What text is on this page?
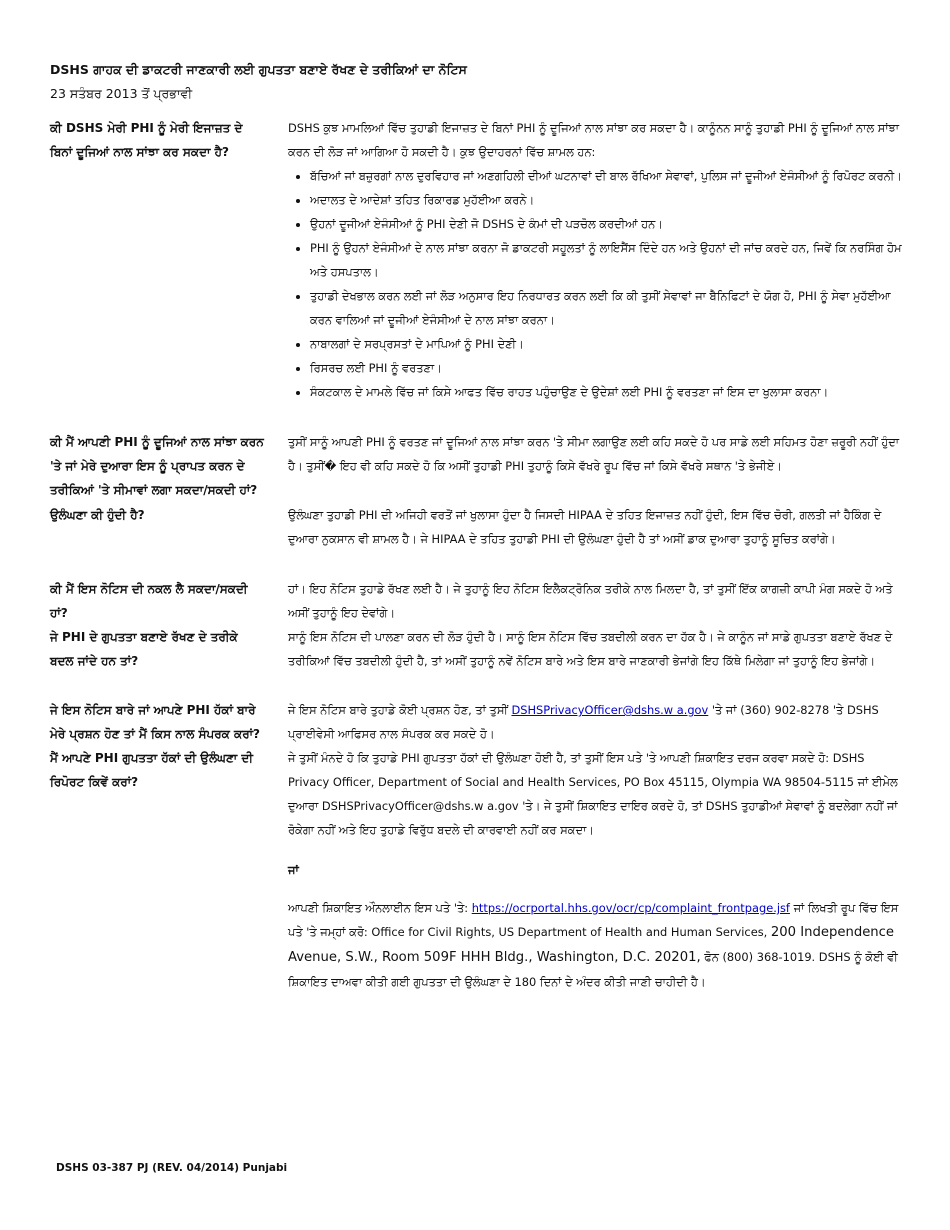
DSHS ਗਾਹਕ ਦੀ ਡਾਕਟਰੀ ਜਾਣਕਾਰੀ ਲਈ ਗੁਪਤਤਾ ਬਣਾਏ ਰੱਖਣ ਦੇ ਤਰੀਕਿਆਂ ਦਾ ਨੋਟਿਸ
23 ਸਤੰਬਰ 2013 ਤੋਂ ਪ੍ਰਭਾਵੀ
ਕੀ DSHS ਮੇਰੀ PHI ਨੂੰ ਮੇਰੀ ਇਜਾਜ਼ਤ ਦੇ ਬਿਨਾਂ ਦੂਜਿਆਂ ਨਾਲ ਸਾਂਝਾ ਕਰ ਸਕਦਾ ਹੈ?

DSHS ਕੁਝ ਮਾਮਲਿਆਂ ਵਿੱਚ ਤੁਹਾਡੀ ਇਜਾਜ਼ਤ ਦੇ ਬਿਨਾਂ PHI ਨੂੰ ਦੂਜਿਆਂ ਨਾਲ ਸਾਂਝਾ ਕਰ ਸਕਦਾ ਹੈ। ਕਾਨੂੰਨਨ ਸਾਨੂੰ ਤੁਹਾਡੀ PHI ਨੂੰ ਦੂਜਿਆਂ ਨਾਲ ਸਾਂਝਾ ਕਰਨ ਦੀ ਲੋੜ ਜਾਂ ਆਗਿਆ ਹੋ ਸਕਦੀ ਹੈ। ਕੁਝ ਉਦਾਹਰਨਾਂ ਵਿੱਚ ਸ਼ਾਮਲ ਹਨ:

• ਬੱਚਿਆਂ ਜਾਂ ਬਜ਼ੁਰਗਾਂ ਨਾਲ ਦੁਰਵਿਹਾਰ ਜਾਂ ਅਣਗਹਿਲੀ ਦੀਆਂ ਘਟਨਾਵਾਂ ਦੀ ਬਾਲ ਰੱਖਿਆ ਸੇਵਾਵਾਂ, ਪੁਲਿਸ ਜਾਂ ਦੂਜੀਆਂ ਏਜੰਸੀਆਂ ਨੂੰ ਰਿਪੋਰਟ ਕਰਨੀ।
• ਅਦਾਲਤ ਦੇ ਆਦੇਸ਼ਾਂ ਤਹਿਤ ਰਿਕਾਰਡ ਮੁਹੱਈਆ ਕਰਨੇ।
• ਉਹਨਾਂ ਦੂਜੀਆਂ ਏਜੰਸੀਆਂ ਨੂੰ PHI ਦੇਣੀ ਜੋ DSHS ਦੇ ਕੰਮਾਂ ਦੀ ਪੜਚੋਲ ਕਰਦੀਆਂ ਹਨ।
• PHI ਨੂੰ ਉਹਨਾਂ ਏਜੰਸੀਆਂ ਦੇ ਨਾਲ ਸਾਂਝਾ ਕਰਨਾ ਜੋ ਡਾਕਟਰੀ ਸਹੂਲਤਾਂ ਨੂੰ ਲਾਇਸੈਂਸ ਦਿੰਦੇ ਹਨ ਅਤੇ ਉਹਨਾਂ ਦੀ ਜਾਂਚ ਕਰਦੇ ਹਨ, ਜਿਵੇਂ ਕਿ ਨਰਸਿੰਗ ਹੋਮ ਅਤੇ ਹਸਪਤਾਲ।
• ਤੁਹਾਡੀ ਦੇਖਭਾਲ ਕਰਨ ਲਈ ਜਾਂ ਲੋੜ ਅਨੁਸਾਰ ਇਹ ਨਿਰਧਾਰਤ ਕਰਨ ਲਈ ਕਿ ਕੀ ਤੁਸੀਂ ਸੇਵਾਵਾਂ ਜਾ ਬੈਨਿਫਿਟਾਂ ਦੇ ਯੋਗ ਹੋ, PHI ਨੂੰ ਸੇਵਾ ਮੁਹੱਈਆ ਕਰਨ ਵਾਲਿਆਂ ਜਾਂ ਦੂਜੀਆਂ ਏਜੰਸੀਆਂ ਦੇ ਨਾਲ ਸਾਂਝਾ ਕਰਨਾ।
• ਨਾਬਾਲਗਾਂ ਦੇ ਸਰਪ੍ਰਸਤਾਂ ਦੇ ਮਾਪਿਆਂ ਨੂੰ PHI ਦੇਣੀ।
• ਰਿਸਰਚ ਲਈ PHI ਨੂੰ ਵਰਤਣਾ।
• ਸੰਕਟਕਾਲ ਦੇ ਮਾਮਲੇ ਵਿੱਚ ਜਾਂ ਕਿਸੇ ਆਫਤ ਵਿੱਚ ਰਾਹਤ ਪਹੁੰਚਾਉਣ ਦੇ ਉਦੇਸ਼ਾਂ ਲਈ PHI ਨੂੰ ਵਰਤਣਾ ਜਾਂ ਇਸ ਦਾ ਖੁਲਾਸਾ ਕਰਨਾ।
ਕੀ ਮੈਂ ਆਪਣੀ PHI ਨੂੰ ਦੂਜਿਆਂ ਨਾਲ ਸਾਂਝਾ ਕਰਨ 'ਤੇ ਜਾਂ ਮੇਰੇ ਦੁਆਰਾ ਇਸ ਨੂੰ ਪ੍ਰਾਪਤ ਕਰਨ ਦੇ ਤਰੀਕਿਆਂ 'ਤੇ ਸੀਮਾਵਾਂ ਲਗਾ ਸਕਦਾ/ਸਕਦੀ ਹਾਂ?
ਤੁਸੀਂ ਸਾਨੂੰ ਆਪਣੀ PHI ਨੂੰ ਵਰਤਣ ਜਾਂ ਦੂਜਿਆਂ ਨਾਲ ਸਾਂਝਾ ਕਰਨ 'ਤੇ ਸੀਮਾ ਲਗਾਉਣ ਲਈ ਕਹਿ ਸਕਦੇ ਹੋ ਪਰ ਸਾਡੇ ਲਈ ਸਹਿਮਤ ਹੋਣਾ ਜ਼ਰੂਰੀ ਨਹੀਂ ਹੁੰਦਾ ਹੈ। ਤੁਸੀਂ� ਇਹ ਵੀ ਕਹਿ ਸਕਦੇ ਹੋ ਕਿ ਅਸੀਂ ਤੁਹਾਡੀ PHI ਤੁਹਾਨੂੰ ਕਿਸੇ ਵੱਖਰੇ ਰੂਪ ਵਿੱਚ ਜਾਂ ਕਿਸੇ ਵੱਖਰੇ ਸਥਾਨ 'ਤੇ ਭੇਜੀਏ।
ਉਲੰਘਣਾ ਕੀ ਹੁੰਦੀ ਹੈ?	ਉਲੰਘਣਾ ਤੁਹਾਡੀ PHI ਦੀ ਅਜਿਹੀ ਵਰਤੋਂ ਜਾਂ ਖੁਲਾਸਾ ਹੁੰਦਾ ਹੈ ਜਿਸਦੀ HIPAA ਦੇ ਤਹਿਤ ਇਜਾਜ਼ਤ ਨਹੀਂ ਹੁੰਦੀ, ਇਸ ਵਿੱਚ ਚੋਰੀ, ਗਲਤੀ ਜਾਂ ਹੈਕਿੰਗ ਦੇ ਦੁਆਰਾ ਨੁਕਸਾਨ ਵੀ ਸ਼ਾਮਲ ਹੈ। ਜੇ HIPAA ਦੇ ਤਹਿਤ ਤੁਹਾਡੀ PHI ਦੀ ਉਲੰਘਣਾ ਹੁੰਦੀ ਹੈ ਤਾਂ ਅਸੀਂ ਡਾਕ ਦੁਆਰਾ ਤੁਹਾਨੂੰ ਸੂਚਿਤ ਕਰਾਂਗੇ।
ਕੀ ਮੈਂ ਇਸ ਨੋਟਿਸ ਦੀ ਨਕਲ ਲੈ ਸਕਦਾ/ਸਕਦੀ ਹਾਂ?
ਹਾਂ। ਇਹ ਨੋਟਿਸ ਤੁਹਾਡੇ ਰੱਖਣ ਲਈ ਹੈ। ਜੇ ਤੁਹਾਨੂੰ ਇਹ ਨੋਟਿਸ ਇਲੈਕਟ੍ਰੋਨਿਕ ਤਰੀਕੇ ਨਾਲ ਮਿਲਦਾ ਹੈ, ਤਾਂ ਤੁਸੀਂ ਇੱਕ ਕਾਗਜ਼ੀ ਕਾਪੀ ਮੰਗ ਸਕਦੇ ਹੋ ਅਤੇ ਅਸੀਂ ਤੁਹਾਨੂੰ ਇਹ ਦੇਵਾਂਗੇ।
ਜੇ PHI ਦੇ ਗੁਪਤਤਾ ਬਣਾਏ ਰੱਖਣ ਦੇ ਤਰੀਕੇ ਬਦਲ ਜਾਂਦੇ ਹਨ ਤਾਂ?
ਸਾਨੂੰ ਇਸ ਨੋਟਿਸ ਦੀ ਪਾਲਣਾ ਕਰਨ ਦੀ ਲੋੜ ਹੁੰਦੀ ਹੈ। ਸਾਨੂੰ ਇਸ ਨੋਟਿਸ ਵਿੱਚ ਤਬਦੀਲੀ ਕਰਨ ਦਾ ਹੱਕ ਹੈ। ਜੇ ਕਾਨੂੰਨ ਜਾਂ ਸਾਡੇ ਗੁਪਤਤਾ ਬਣਾਏ ਰੱਖਣ ਦੇ ਤਰੀਕਿਆਂ ਵਿੱਚ ਤਬਦੀਲੀ ਹੁੰਦੀ ਹੈ, ਤਾਂ ਅਸੀਂ ਤੁਹਾਨੂੰ ਨਵੇਂ ਨੋਟਿਸ ਬਾਰੇ ਅਤੇ ਇਸ ਬਾਰੇ ਜਾਣਕਾਰੀ ਭੇਜਾਂਗੇ ਇਹ ਕਿੱਥੇ ਮਿਲੇਗਾ ਜਾਂ ਤੁਹਾਨੂੰ ਇਹ ਭੇਜਾਂਗੇ।
ਜੇ ਇਸ ਨੋਟਿਸ ਬਾਰੇ ਜਾਂ ਆਪਣੇ PHI ਹੱਕਾਂ ਬਾਰੇ ਮੇਰੇ ਪ੍ਰਸ਼ਨ ਹੋਣ ਤਾਂ ਮੈਂ ਕਿਸ ਨਾਲ ਸੰਪਰਕ ਕਰਾਂ?
ਜੇ ਇਸ ਨੋਟਿਸ ਬਾਰੇ ਤੁਹਾਡੇ ਕੋਈ ਪ੍ਰਸ਼ਨ ਹੋਣ, ਤਾਂ ਤੁਸੀਂ DSHSPrivacyOfficer@dshs.w a.gov 'ਤੇ ਜਾਂ (360) 902-8278 'ਤੇ DSHS ਪ੍ਰਾਈਵੇਸੀ ਆਫਿਸਰ ਨਾਲ ਸੰਪਰਕ ਕਰ ਸਕਦੇ ਹੋ।
ਮੈਂ ਆਪਣੇ PHI ਗੁਪਤਤਾ ਹੱਕਾਂ ਦੀ ਉਲੰਘਣਾ ਦੀ ਰਿਪੋਰਟ ਕਿਵੇਂ ਕਰਾਂ?

ਜੇ ਤੁਸੀਂ ਮੰਨਦੇ ਹੋ ਕਿ ਤੁਹਾਡੇ PHI ਗੁਪਤਤਾ ਹੱਕਾਂ ਦੀ ਉਲੰਘਣਾ ਹੋਈ ਹੈ, ਤਾਂ ਤੁਸੀਂ ਇਸ ਪਤੇ 'ਤੇ ਆਪਣੀ ਸ਼ਿਕਾਇਤ ਦਰਜ ਕਰਵਾ ਸਕਦੇ ਹੋ: DSHS Privacy Officer, Department of Social and Health Services, PO Box 45115, Olympia WA 98504-5115 ਜਾਂ ਈਮੇਲ ਦੁਆਰਾ DSHSPrivacyOfficer@dshs.w a.gov 'ਤੇ। ਜੇ ਤੁਸੀਂ ਸ਼ਿਕਾਇਤ ਦਾਇਰ ਕਰਦੇ ਹੋ, ਤਾਂ DSHS ਤੁਹਾਡੀਆਂ ਸੇਵਾਵਾਂ ਨੂੰ ਬਦਲੇਗਾ ਨਹੀਂ ਜਾਂ ਰੋਕੇਗਾ ਨਹੀਂ ਅਤੇ ਇਹ ਤੁਹਾਡੇ ਵਿਰੁੱਧ ਬਦਲੇ ਦੀ ਕਾਰਵਾਈ ਨਹੀਂ ਕਰ ਸਕਦਾ।

ਜਾਂ

ਆਪਣੀ ਸ਼ਿਕਾਇਤ ਔਨਲਾਈਨ ਇਸ ਪਤੇ 'ਤੇ: https://ocrportal.hhs.gov/ocr/cp/complaint_frontpage.jsf ਜਾਂ ਲਿਖਤੀ ਰੂਪ ਵਿੱਚ ਇਸ ਪਤੇ 'ਤੇ ਜਮ੍ਹਾਂ ਕਰੋ: Office for Civil Rights, US Department of Health and Human Services, 200 Independence Avenue, S.W., Room 509F HHH Bldg., Washington, D.C. 20201, ਫੋਨ (800) 368-1019. DSHS ਨੂੰ ਕੋਈ ਵੀ ਸ਼ਿਕਾਇਤ ਦਾਅਵਾ ਕੀਤੀ ਗਈ ਗੁਪਤਤਾ ਦੀ ਉਲੰਘਣਾ ਦੇ 180 ਦਿਨਾਂ ਦੇ ਅੰਦਰ ਕੀਤੀ ਜਾਣੀ ਚਾਹੀਦੀ ਹੈ।

DSHS 03-387 PJ (REV. 04/2014) Punjabi
